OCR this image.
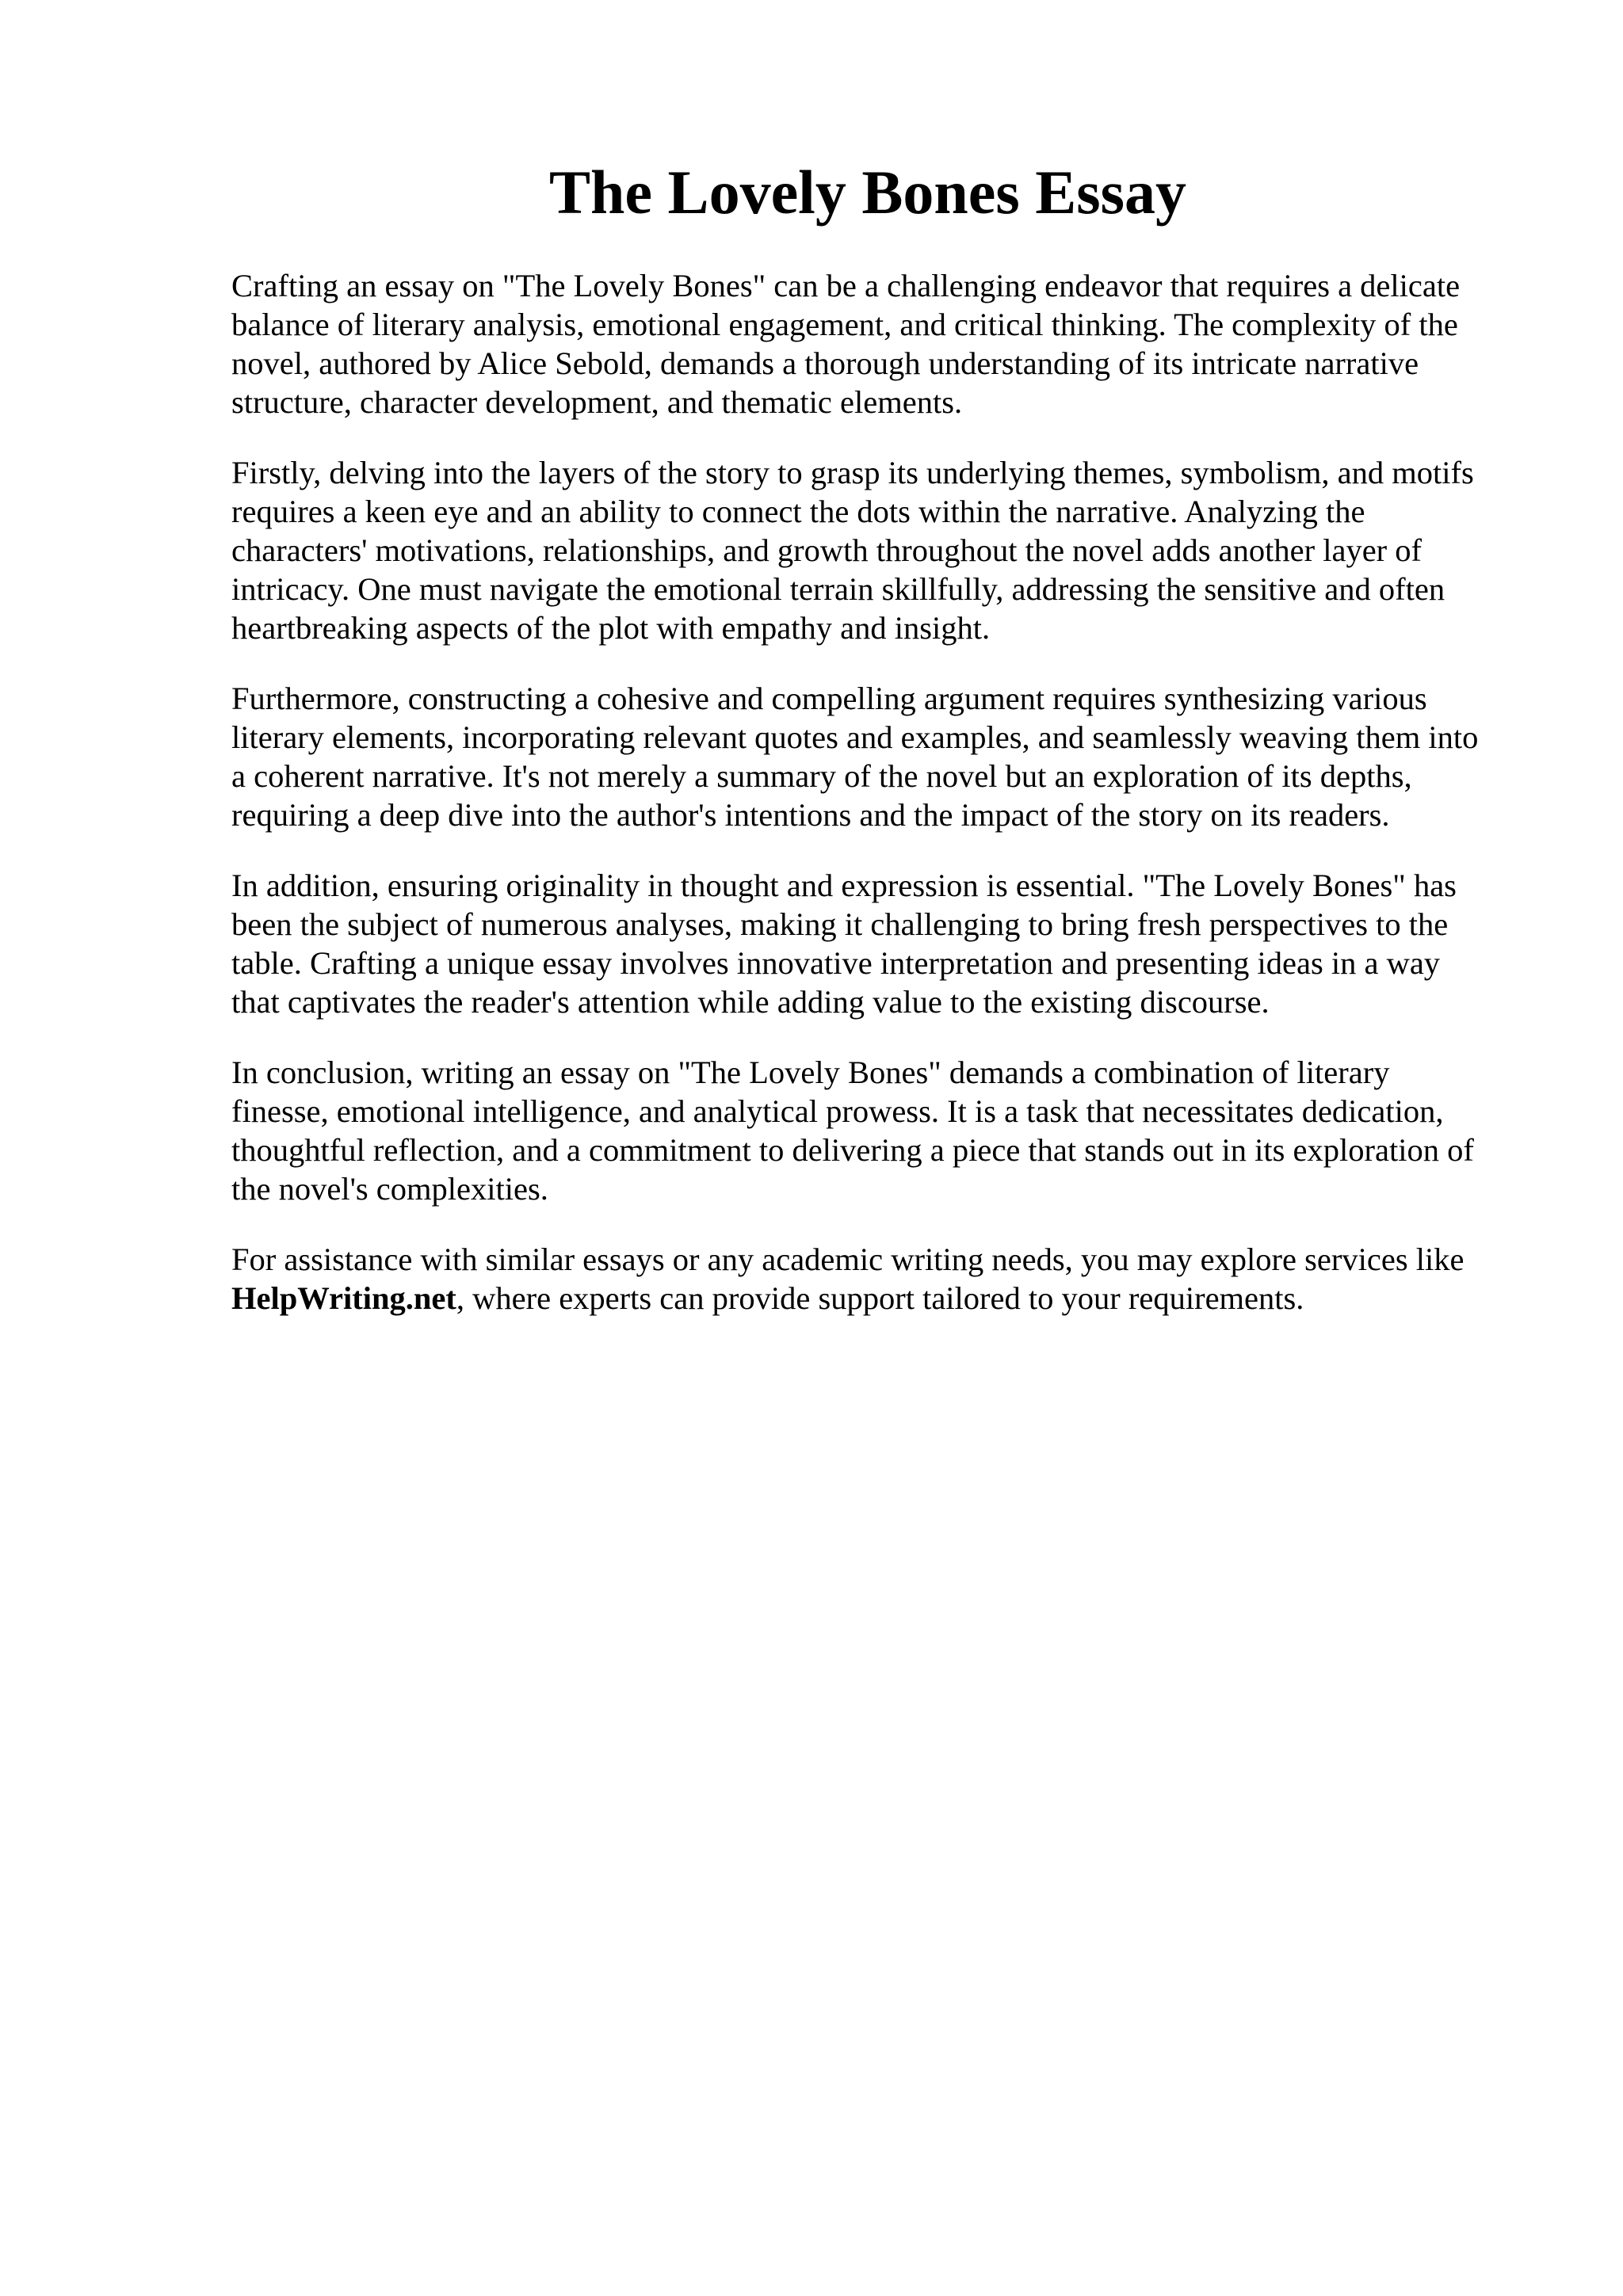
The Lovely Bones Essay

Crafting an essay on "The Lovely Bones" can be a challenging endeavor that requires a delicate
balance of literary analysis, emotional engagement, and critical thinking. The complexity of the
novel, authored by Alice Sebold, demands a thorough understanding of its intricate narrative
structure, character development, and thematic elements.

Firstly, delving into the layers of the story to grasp its underlying themes, symbolism, and motifs
requires a keen eye and an ability to connect the dots within the narrative. Analyzing the
characters' motivations, relationships, and growth throughout the novel adds another layer of
intricacy. One must navigate the emotional terrain skillfully, addressing the sensitive and often
heartbreaking aspects of the plot with empathy and insight.

Furthermore, constructing a cohesive and compelling argument requires synthesizing various
literary elements, incorporating relevant quotes and examples, and seamlessly weaving them into
a coherent narrative. It's not merely a summary of the novel but an exploration of its depths,
requiring a deep dive into the author's intentions and the impact of the story on its readers.

In addition, ensuring originality in thought and expression is essential. "The Lovely Bones" has
been the subject of numerous analyses, making it challenging to bring fresh perspectives to the
table. Crafting a unique essay involves innovative interpretation and presenting ideas in a way
that captivates the reader's attention while adding value to the existing discourse.

In conclusion, writing an essay on "The Lovely Bones" demands a combination of literary
finesse, emotional intelligence, and analytical prowess. It is a task that necessitates dedication,
thoughtful reflection, and a commitment to delivering a piece that stands out in its exploration of
the novel's complexities.

For assistance with similar essays or any academic writing needs, you may explore services like
HelpWriting.net, where experts can provide support tailored to your requirements.
